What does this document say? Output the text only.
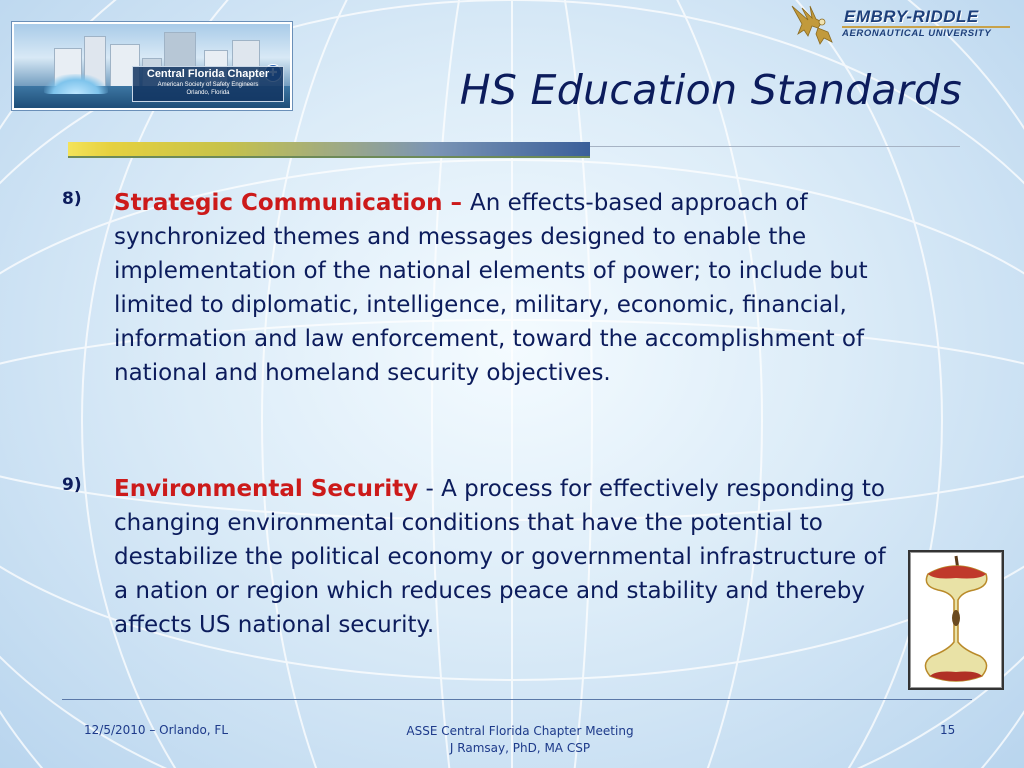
Central Florida Chapter
American Society of Safety Engineers
Orlando, Florida
EMBRY-RIDDLE
AERONAUTICAL UNIVERSITY
HS Education Standards
8) Strategic Communication – An effects-based approach of synchronized themes and messages designed to enable the implementation of the national elements of power; to include but limited to diplomatic, intelligence, military, economic, financial, information and law enforcement, toward the accomplishment of national and homeland security objectives.
9) Environmental Security - A process for effectively responding to changing environmental conditions that have the potential to destabilize the political economy or governmental infrastructure of a nation or region which reduces peace and stability and thereby affects US national security.
12/5/2010 – Orlando, FL	ASSE Central Florida Chapter Meeting
J Ramsay, PhD, MA CSP
15
